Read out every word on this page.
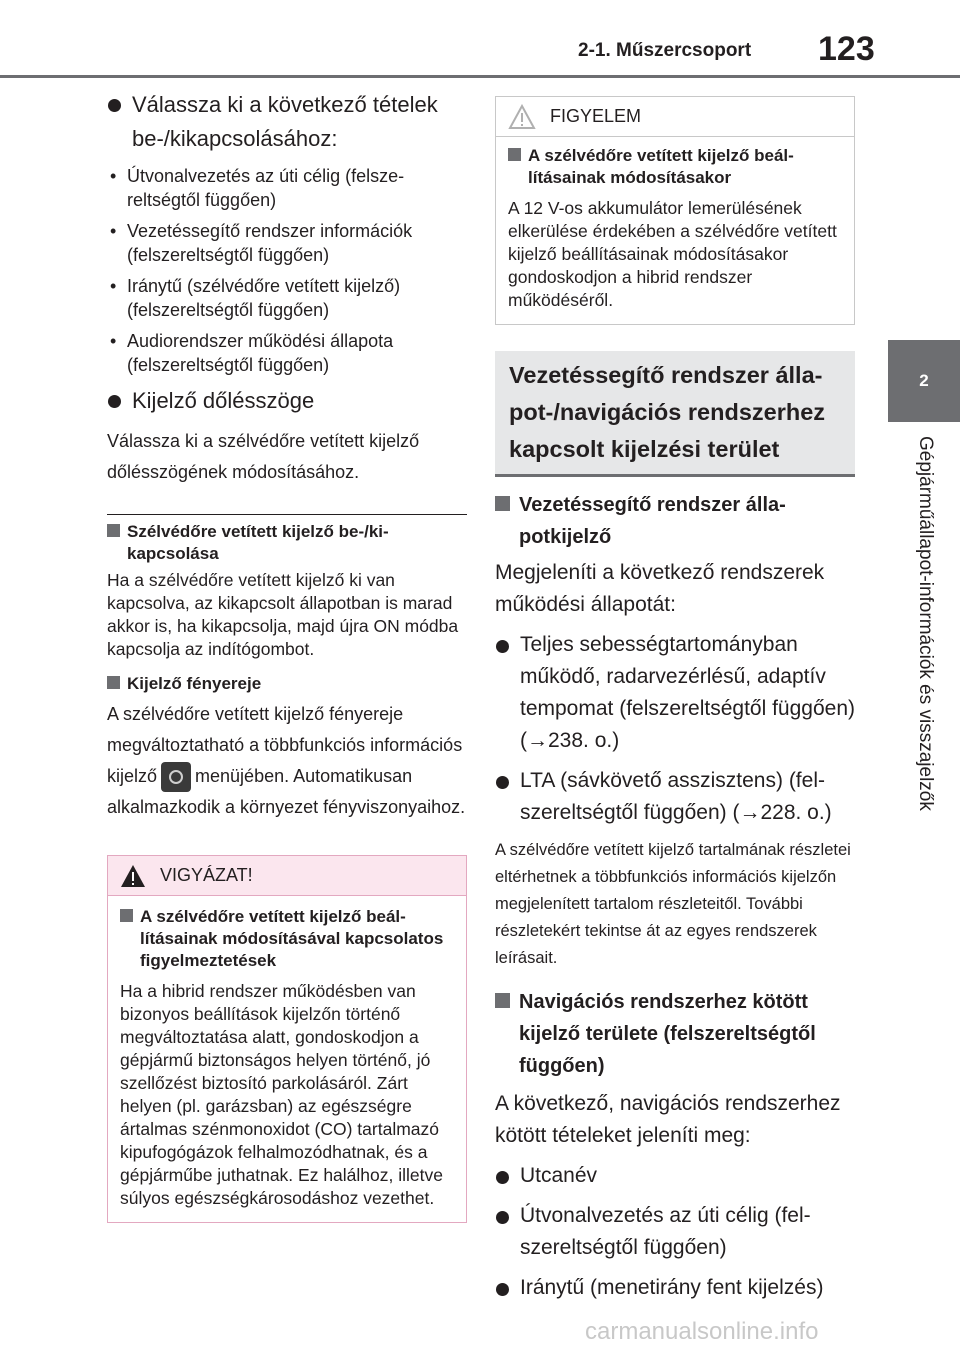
2-1. Műszercsoport 123
2
Gépjárműállapot-információk és visszajelzők
Válassza ki a következő tételek be-/kikapcsolásához:
• Útvonalvezetés az úti célig (felszereltségtől függően)
• Vezetéssegítő rendszer információk (felszereltségtől függően)
• Iránytű (szélvédőre vetített kijelző) (felszereltségtől függően)
• Audiorendszer működési állapota (felszereltségtől függően)
Kijelző dőlésszöge
Válassza ki a szélvédőre vetített kijelző dőlésszögének módosításához.
Szélvédőre vetített kijelző be-/kikapcsolása
Ha a szélvédőre vetített kijelző ki van kapcsolva, az kikapcsolt állapotban is marad akkor is, ha kikapcsolja, majd újra ON módba kapcsolja az indítógombot.
Kijelző fényereje
A szélvédőre vetített kijelző fényereje megváltoztatható a többfunkciós információs kijelző menüjében. Automatikusan alkalmazkodik a környezet fényviszonyaihoz.
VIGYÁZAT!
A szélvédőre vetített kijelző beállításainak módosításával kapcsolatos figyelmeztetések
Ha a hibrid rendszer működésben van bizonyos beállítások kijelzőn történő megváltoztatása alatt, gondoskodjon a gépjármű biztonságos helyen történő, jó szellőzést biztosító parkolásáról. Zárt helyen (pl. garázsban) az egészségre ártalmas szénmonoxidot (CO) tartalmazó kipufogógázok felhalmozódhatnak, és a gépjárműbe juthatnak. Ez halálhoz, illetve súlyos egészségkárosodáshoz vezethet.
FIGYELEM
A szélvédőre vetített kijelző beállításainak módosításakor
A 12 V-os akkumulátor lemerülésének elkerülése érdekében a szélvédőre vetített kijelző beállításainak módosításakor gondoskodjon a hibrid rendszer működéséről.
Vezetéssegítő rendszer állapot-/navigációs rendszerhez kapcsolt kijelzési terület
Vezetéssegítő rendszer állapotkijelző
Megjeleníti a következő rendszerek működési állapotát:
Teljes sebességtartományban működő, radarvezérlésű, adaptív tempomat (felszereltségtől függően) (→238. o.)
LTA (sávkövető asszisztens) (felszereltségtől függően) (→228. o.)
A szélvédőre vetített kijelző tartalmának részletei eltérhetnek a többfunkciós információs kijelzőn megjelenített tartalom részleteitől. További részletekért tekintse át az egyes rendszerek leírásait.
Navigációs rendszerhez kötött kijelző területe (felszereltségtől függően)
A következő, navigációs rendszerhez kötött tételeket jeleníti meg:
Utcanév
Útvonalvezetés az úti célig (felszereltségtől függően)
Iránytű (menetirány fent kijelzés)
carmanualsonline.info
